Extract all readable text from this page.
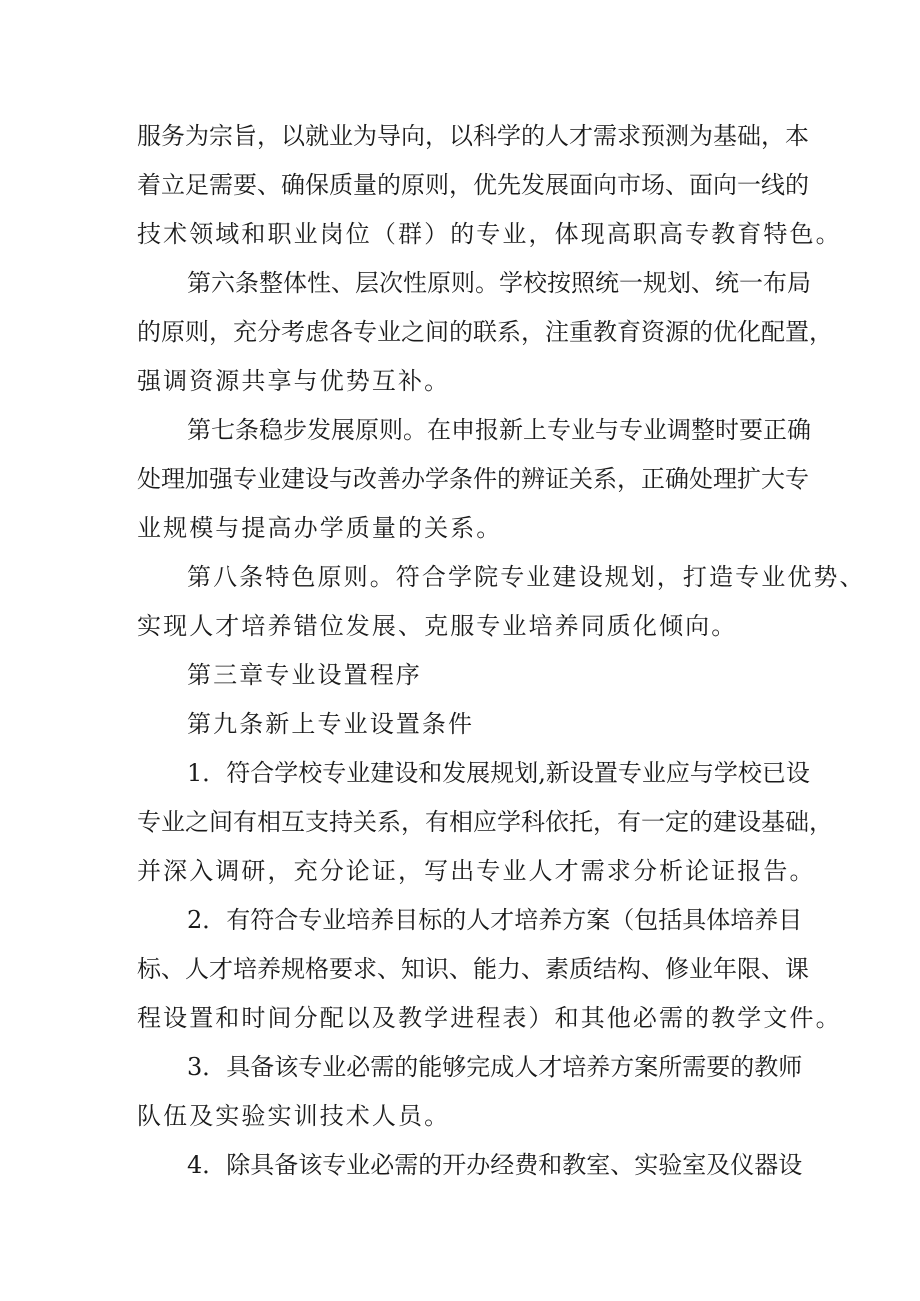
服务为宗旨，以就业为导向，以科学的人才需求预测为基础，本
着立足需要、确保质量的原则，优先发展面向市场、面向一线的
技术领域和职业岗位（群）的专业，体现高职高专教育特色。
第六条整体性、层次性原则。学校按照统一规划、统一布局
的原则，充分考虑各专业之间的联系，注重教育资源的优化配置，
强调资源共享与优势互补。
第七条稳步发展原则。在申报新上专业与专业调整时要正确
处理加强专业建设与改善办学条件的辨证关系，正确处理扩大专
业规模与提高办学质量的关系。
第八条特色原则。符合学院专业建设规划，打造专业优势、
实现人才培养错位发展、克服专业培养同质化倾向。
第三章专业设置程序
第九条新上专业设置条件
1．符合学校专业建设和发展规划,新设置专业应与学校已设
专业之间有相互支持关系，有相应学科依托，有一定的建设基础，
并深入调研，充分论证，写出专业人才需求分析论证报告。
2．有符合专业培养目标的人才培养方案（包括具体培养目
标、人才培养规格要求、知识、能力、素质结构、修业年限、课
程设置和时间分配以及教学进程表）和其他必需的教学文件。
3．具备该专业必需的能够完成人才培养方案所需要的教师
队伍及实验实训技术人员。
4．除具备该专业必需的开办经费和教室、实验室及仪器设
